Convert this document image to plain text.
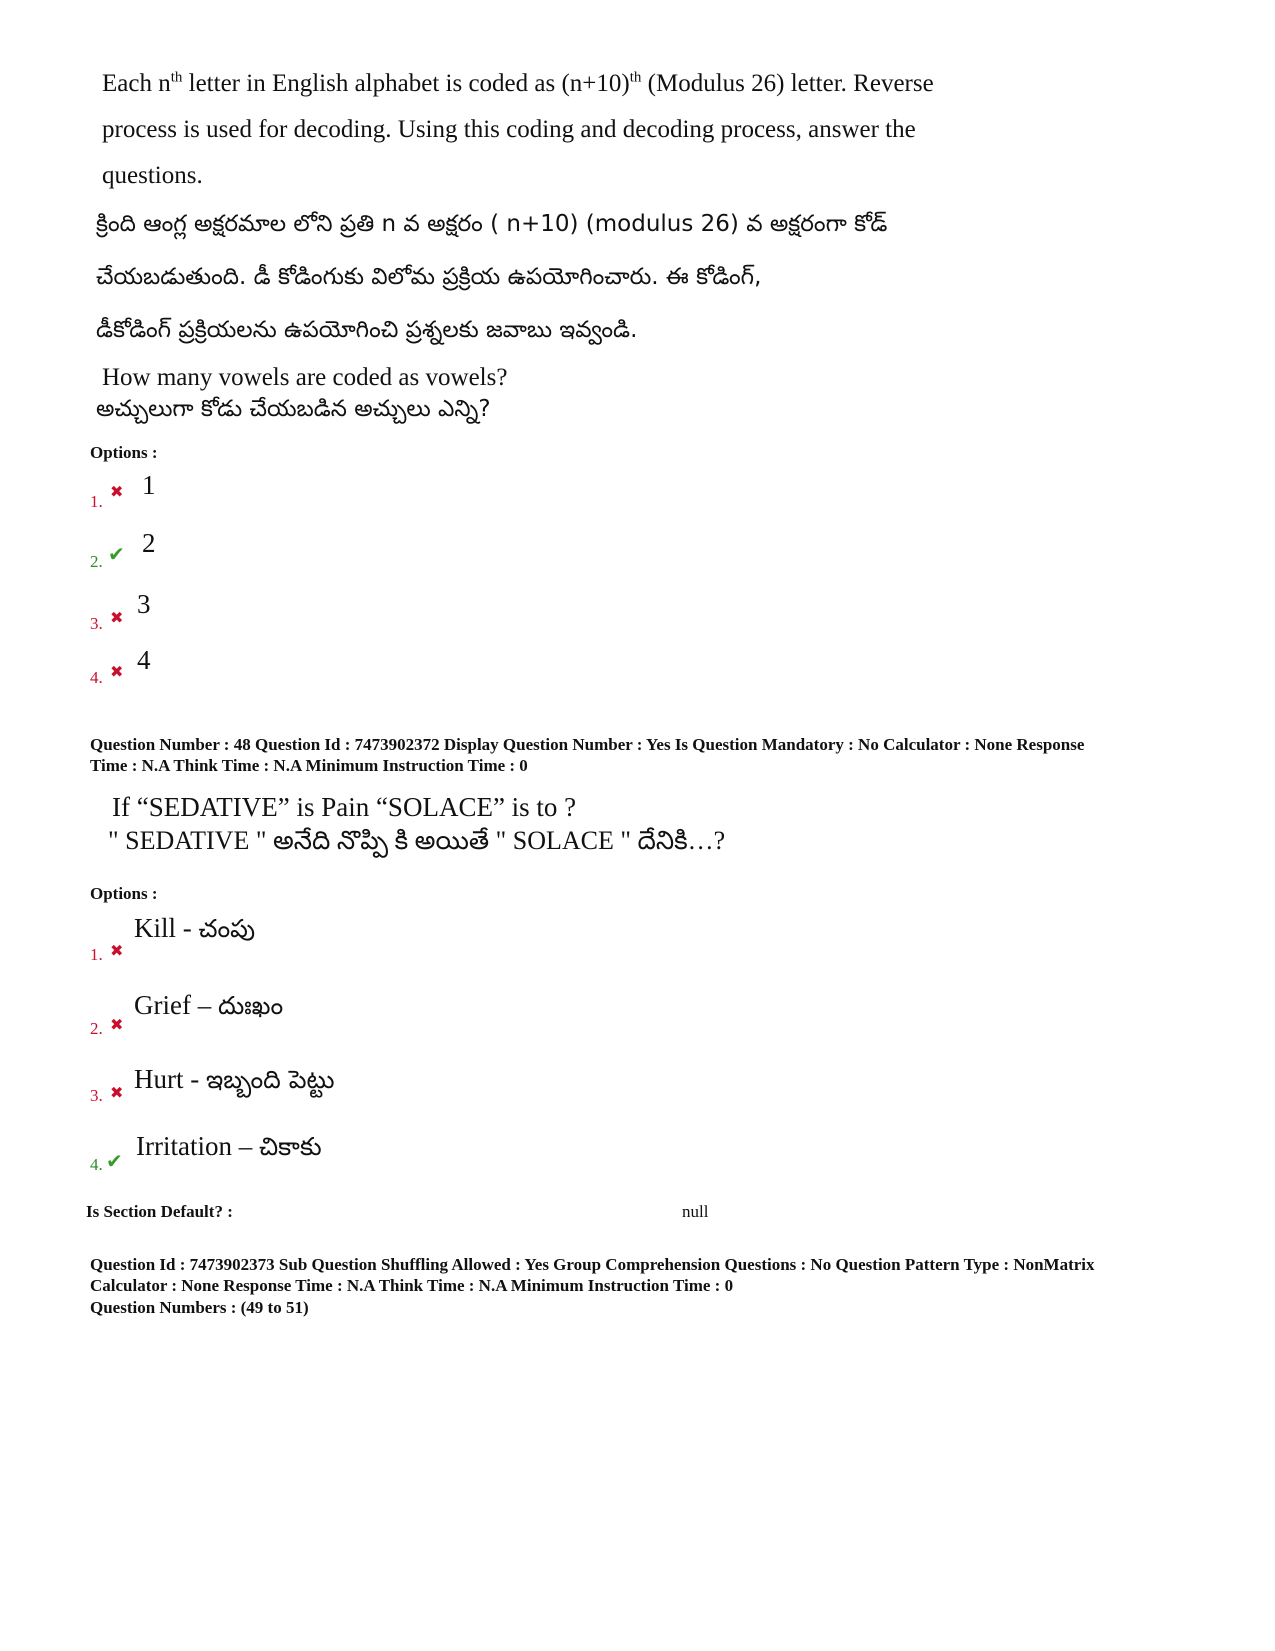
Each $n^{th}$ letter in English alphabet is coded as $(n+10)^{th}$ (Modulus 26) letter. Reverse
process is used for decoding. Using this coding and decoding process, answer the
questions.
క్రింది ఆంగ్ల అక్షరమాల లోని ప్రతి n వ అక్షరం ( n+10) (modulus 26) వ అక్షరంగా కోడ్
చేయబడుతుంది. డీ కోడింగుకు విలోమ ప్రక్రియ ఉపయోగించారు. ఈ కోడింగ్,
డీకోడింగ్ ప్రక్రియలను ఉపయోగించి ప్రశ్నలకు జవాబు ఇవ్వండి.
How many vowels are coded as vowels?
అచ్చులుగా కోడు చేయబడిన అచ్చులు ఎన్ని?
Options :
1. ✖ 1
2. ✔ 2
3. ✖ 3
4. ✖ 4
Question Number : 48 Question Id : 7473902372 Display Question Number : Yes Is Question Mandatory : No Calculator : None Response
Time : N.A Think Time : N.A Minimum Instruction Time : 0
If “SEDATIVE” is Pain “SOLACE” is to ?
" SEDATIVE " అనేది నొప్పి కి అయితే " SOLACE " దేనికి…?
Options :
1. ✖
Kill - చంపు
2. ✖
Grief – దుఃఖం
3. ✖ Hurt - ఇబ్బంది పెట్టు
4. ✔
Irritation – చికాకు
Is Section Default? :	null
Question Id : 7473902373 Sub Question Shuffling Allowed : Yes Group Comprehension Questions : No Question Pattern Type : NonMatrix
Calculator : None Response Time : N.A Think Time : N.A Minimum Instruction Time : 0
Question Numbers : (49 to 51)
